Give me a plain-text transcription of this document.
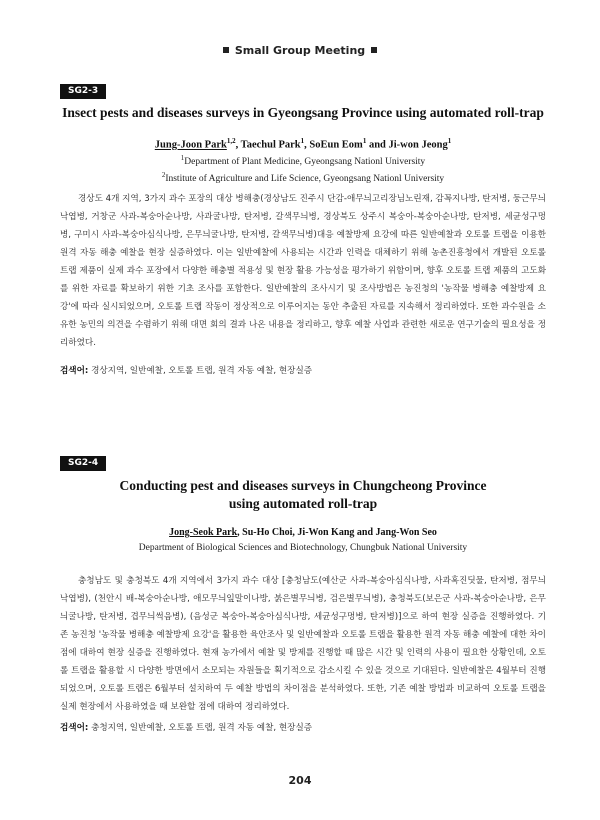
Small Group Meeting
SG2-3
Insect pests and diseases surveys in Gyeongsang Province using automated roll-trap
Jung-Joon Park$^{1,2}$, Taechul Park$^1$, SoEun Eom$^1$ and Ji-won Jeong$^1$
$^1$Department of Plant Medicine, Gyeongsang Nationl University
$^2$Institute of Agriculture and Life Science, Gyeongsang Nationl University
경상도 4개 지역, 3가지 과수 포장의 대상 병해충(경상남도 진주시 단감-애무늬고리장님노린재, 감꼭지나방, 탄저병, 둥근무늬낙엽병, 거창군 사과-복숭아순나방, 사과굴나방, 탄저병, 갈색무늬병, 경상북도 상주시 복숭아-복숭아순나방, 탄저병, 세균성구멍병, 구미시 사과-복숭아심식나방, 은무늬굴나방, 탄저병, 갈색무늬병)대응 예찰방제 요강에 따른 일반예찰과 오토롤 트랩을 이용한 원격 자동 해충 예찰을 현장 실증하였다. 이는 일반예찰에 사용되는 시간과 인력을 대체하기 위해 농촌진흥청에서 개발된 오토롤 트랩 제품이 실제 과수 포장에서 다양한 해충별 적용성 및 현장 활용 가능성을 평가하기 위함이며, 향후 오토롤 트랩 제품의 고도화를 위한 자료를 확보하기 위한 기초 조사를 포함한다. 일반예찰의 조사시기 및 조사방법은 농진청의 '농작물 병해충 예찰방제 요강'에 따라 실시되었으며, 오토롤 트랩 작동이 정상적으로 이루어지는 동안 추출된 자료를 지속해서 정리하였다. 또한 과수원을 소유한 농민의 의견을 수렴하기 위해 대면 회의 결과 나온 내용을 정리하고, 향후 예찰 사업과 관련한 새로운 연구기술의 필요성을 정리하였다.
검색어: 경상지역, 일반예찰, 오토롤 트랩, 원격 자동 예찰, 현장실증
SG2-4
Conducting pest and diseases surveys in Chungcheong Province
using automated roll-trap
Jong-Seok Park, Su-Ho Choi, Ji-Won Kang and Jang-Won Seo
Department of Biological Sciences and Biotechnology, Chungbuk National University
충청남도 및 충청북도 4개 지역에서 3가지 과수 대상 [충청남도(예산군 사과-복숭아심식나방, 사과혹진딧물, 탄저병, 점무늬낙엽병), (천안시 배-복숭아순나방, 애모무늬잎말이나방, 붉은별무늬병, 검은별무늬병), 충청북도(보은군 사과-복숭아순나방, 은무늬굴나방, 탄저병, 겹무늬썩음병), (음성군 복숭아-복숭아심식나방, 세균성구멍병, 탄저병)]으로 하여 현장 실증을 진행하였다. 기존 농진청 '농작물 병해충 예찰방제 요강'을 활용한 육안조사 및 일반예찰과 오토롤 트랩을 활용한 원격 자동 해충 예찰에 대한 차이점에 대하여 현장 실증을 진행하였다. 현재 농가에서 예찰 및 방제를 진행할 때 많은 시간 및 인력의 사용이 필요한 상황인데, 오토롤 트랩을 활용할 시 다양한 방면에서 소모되는 자원들을 획기적으로 감소시킬 수 있을 것으로 기대된다. 일반예찰은 4월부터 진행되었으며, 오토롤 트랩은 6월부터 설치하여 두 예찰 방법의 차이점을 분석하였다. 또한, 기존 예찰 방법과 비교하여 오토롤 트랩을 실제 현장에서 사용하였을 때 보완할 점에 대하여 정리하였다.
검색어: 충청지역, 일반예찰, 오토롤 트랩, 원격 자동 예찰, 현장실증
204
